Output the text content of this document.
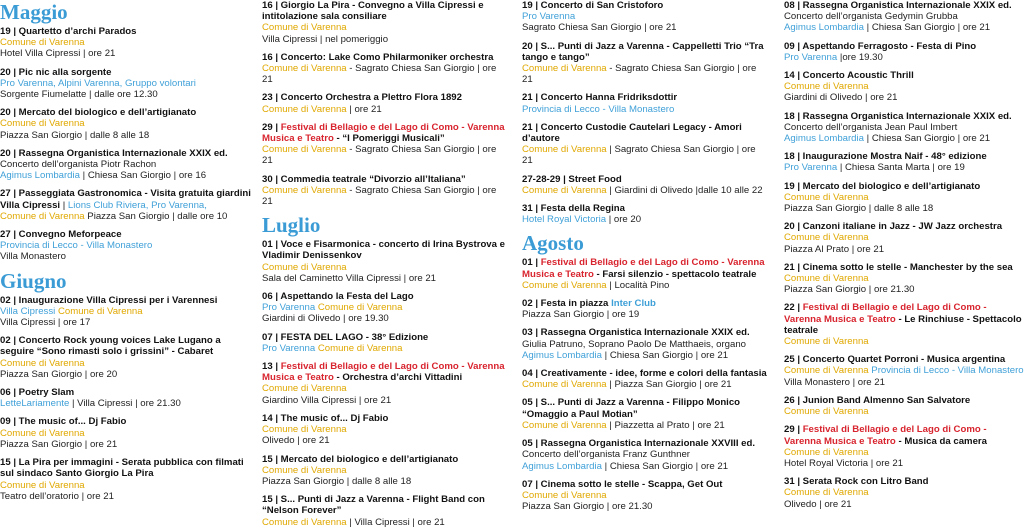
Maggio
19 | Quartetto d’archi Parados
Comune di Varenna
Hotel Villa Cipressi | ore 21
20 | Pic nic alla sorgente
Pro Varenna, Alpini Varenna, Gruppo volontari
Sorgente Fiumelatte | dalle ore 12.30
20 | Mercato del biologico e dell’artigianato
Comune di Varenna
Piazza San Giorgio | dalle 8 alle 18
20 | Rassegna Organistica Internazionale XXIX ed.
Concerto dell’organista Piotr Rachon
Agimus Lombardia | Chiesa San Giorgio | ore 16
27 | Passeggiata Gastronomica - Visita gratuita giardini Villa Cipressi | Lions Club Riviera, Pro Varenna,
Comune di Varenna Piazza San Giorgio | dalle ore 10
27 | Convegno Meforpeace
Provincia di Lecco - Villa Monastero
Villa Monastero
Giugno
02 | Inaugurazione Villa Cipressi per i Varennesi
Villa Cipressi Comune di Varenna
Villa Cipressi | ore 17
02 | Concerto Rock young voices Lake Lugano a seguire “Sono rimasti solo i grissini” - Cabaret
Comune di Varenna
Piazza San Giorgio | ore 20
06 | Poetry Slam
LetteLariamente | Villa Cipressi | ore 21.30
09 | The music of... Dj Fabio
Comune di Varenna
Piazza San Giorgio | ore 21
15 | La Pira per immagini - Serata pubblica con filmati sul sindaco Santo Giorgio La Pira
Comune di Varenna
Teatro dell’oratorio | ore 21
16 | Giorgio La Pira - Convegno a Villa Cipressi e intitolazione sala consiliare
Comune di Varenna
Villa Cipressi | nel pomeriggio
16 | Concerto: Lake Como Philarmoniker orchestra
Comune di Varenna - Sagrato Chiesa San Giorgio | ore 21
23 | Concerto Orchestra a Plettro Flora 1892
Comune di Varenna | ore 21
29 | Festival di Bellagio e del Lago di Como - Varenna Musica e Teatro - “I Pomeriggi Musicali”
Comune di Varenna - Sagrato Chiesa San Giorgio | ore 21
30 | Commedia teatrale “Divorzio all’Italiana”
Comune di Varenna - Sagrato Chiesa San Giorgio | ore 21
Luglio
01 | Voce e Fisarmonica - concerto di Irina Bystrova e Vladimir Denissenkov
Comune di Varenna
Sala del Caminetto Villa Cipressi | ore 21
06 | Aspettando la Festa del Lago
Pro Varenna Comune di Varenna
Giardini di Olivedo | ore 19.30
07 | FESTA DEL LAGO - 38° Edizione
Pro Varenna Comune di Varenna
13 | Festival di Bellagio e del Lago di Como - Varenna Musica e Teatro - Orchestra d’archi Vittadini
Comune di Varenna
Giardino Villa Cipressi | ore 21
14 | The music of... Dj Fabio
Comune di Varenna
Olivedo | ore 21
15 | Mercato del biologico e dell’artigianato
Comune di Varenna
Piazza San Giorgio | dalle 8 alle 18
15 | S... Punti di Jazz a Varenna - Flight Band con “Nelson Forever”
Comune di Varenna | Villa Cipressi | ore 21
19 | Concerto di San Cristoforo
Pro Varenna
Sagrato Chiesa San Giorgio | ore 21
20 | S... Punti di Jazz a Varenna - Cappelletti Trio “Tra tango e tango”
Comune di Varenna - Sagrato Chiesa San Giorgio | ore 21
21 | Concerto Hanna Fridriksdottir
Provincia di Lecco - Villa Monastero
21 | Concerto Custodie Cautelari Legacy - Amori d’autore
Comune di Varenna | Sagrato Chiesa San Giorgio | ore 21
27-28-29 | Street Food
Comune di Varenna | Giardini di Olivedo |dalle 10 alle 22
31 | Festa della Regina
Hotel Royal Victoria | ore 20
Agosto
01 | Festival di Bellagio e del Lago di Como - Varenna Musica e Teatro - Farsi silenzio - spettacolo teatrale
Comune di Varenna | Località Pino
02 | Festa in piazza Inter Club
Piazza San Giorgio | ore 19
03 | Rassegna Organistica Internazionale XXIX ed.
Giulia Patruno, Soprano Paolo De Matthaeis, organo
Agimus Lombardia | Chiesa San Giorgio | ore 21
04 | Creativamente - idee, forme e colori della fantasia
Comune di Varenna | Piazza San Giorgio | ore 21
05 | S... Punti di Jazz a Varenna - Filippo Monico “Omaggio a Paul Motian”
Comune di Varenna | Piazzetta al Prato | ore 21
05 | Rassegna Organistica Internazionale XXVIII ed.
Concerto dell’organista Franz Gunthner
Agimus Lombardia | Chiesa San Giorgio | ore 21
07 | Cinema sotto le stelle - Scappa, Get Out
Comune di Varenna
Piazza San Giorgio | ore 21.30
08 | Rassegna Organistica Internazionale XXIX ed.
Concerto dell’organista Gedymin Grubba
Agimus Lombardia | Chiesa San Giorgio | ore 21
09 | Aspettando Ferragosto - Festa di Pino
Pro Varenna |ore 19.30
14 | Concerto Acoustic Thrill
Comune di Varenna
Giardini di Olivedo | ore 21
18 | Rassegna Organistica Internazionale XXIX ed.
Concerto dell’organista Jean Paul Imbert
Agimus Lombardia | Chiesa San Giorgio | ore 21
18 | Inaugurazione Mostra Naif - 48° edizione
Pro Varenna | Chiesa Santa Marta | ore 19
19 | Mercato del biologico e dell’artigianato
Comune di Varenna
Piazza San Giorgio | dalle 8 alle 18
20 | Canzoni italiane in Jazz - JW Jazz orchestra
Comune di Varenna
Piazza Al Prato | ore 21
21 | Cinema sotto le stelle - Manchester by the sea
Comune di Varenna
Piazza San Giorgio | ore 21.30
22 | Festival di Bellagio e del Lago di Como - Varenna Musica e Teatro - Le Rinchiuse - Spettacolo teatrale
Comune di Varenna
25 | Concerto Quartet Porroni - Musica argentina
Comune di Varenna Provincia di Lecco - Villa Monastero
Villa Monastero | ore 21
26 | Junion Band Almenno San Salvatore
Comune di Varenna
29 | Festival di Bellagio e del Lago di Como - Varenna Musica e Teatro - Musica da camera
Comune di Varenna
Hotel Royal Victoria | ore 21
31 | Serata Rock con Litro Band
Comune di Varenna
Olivedo | ore 21
